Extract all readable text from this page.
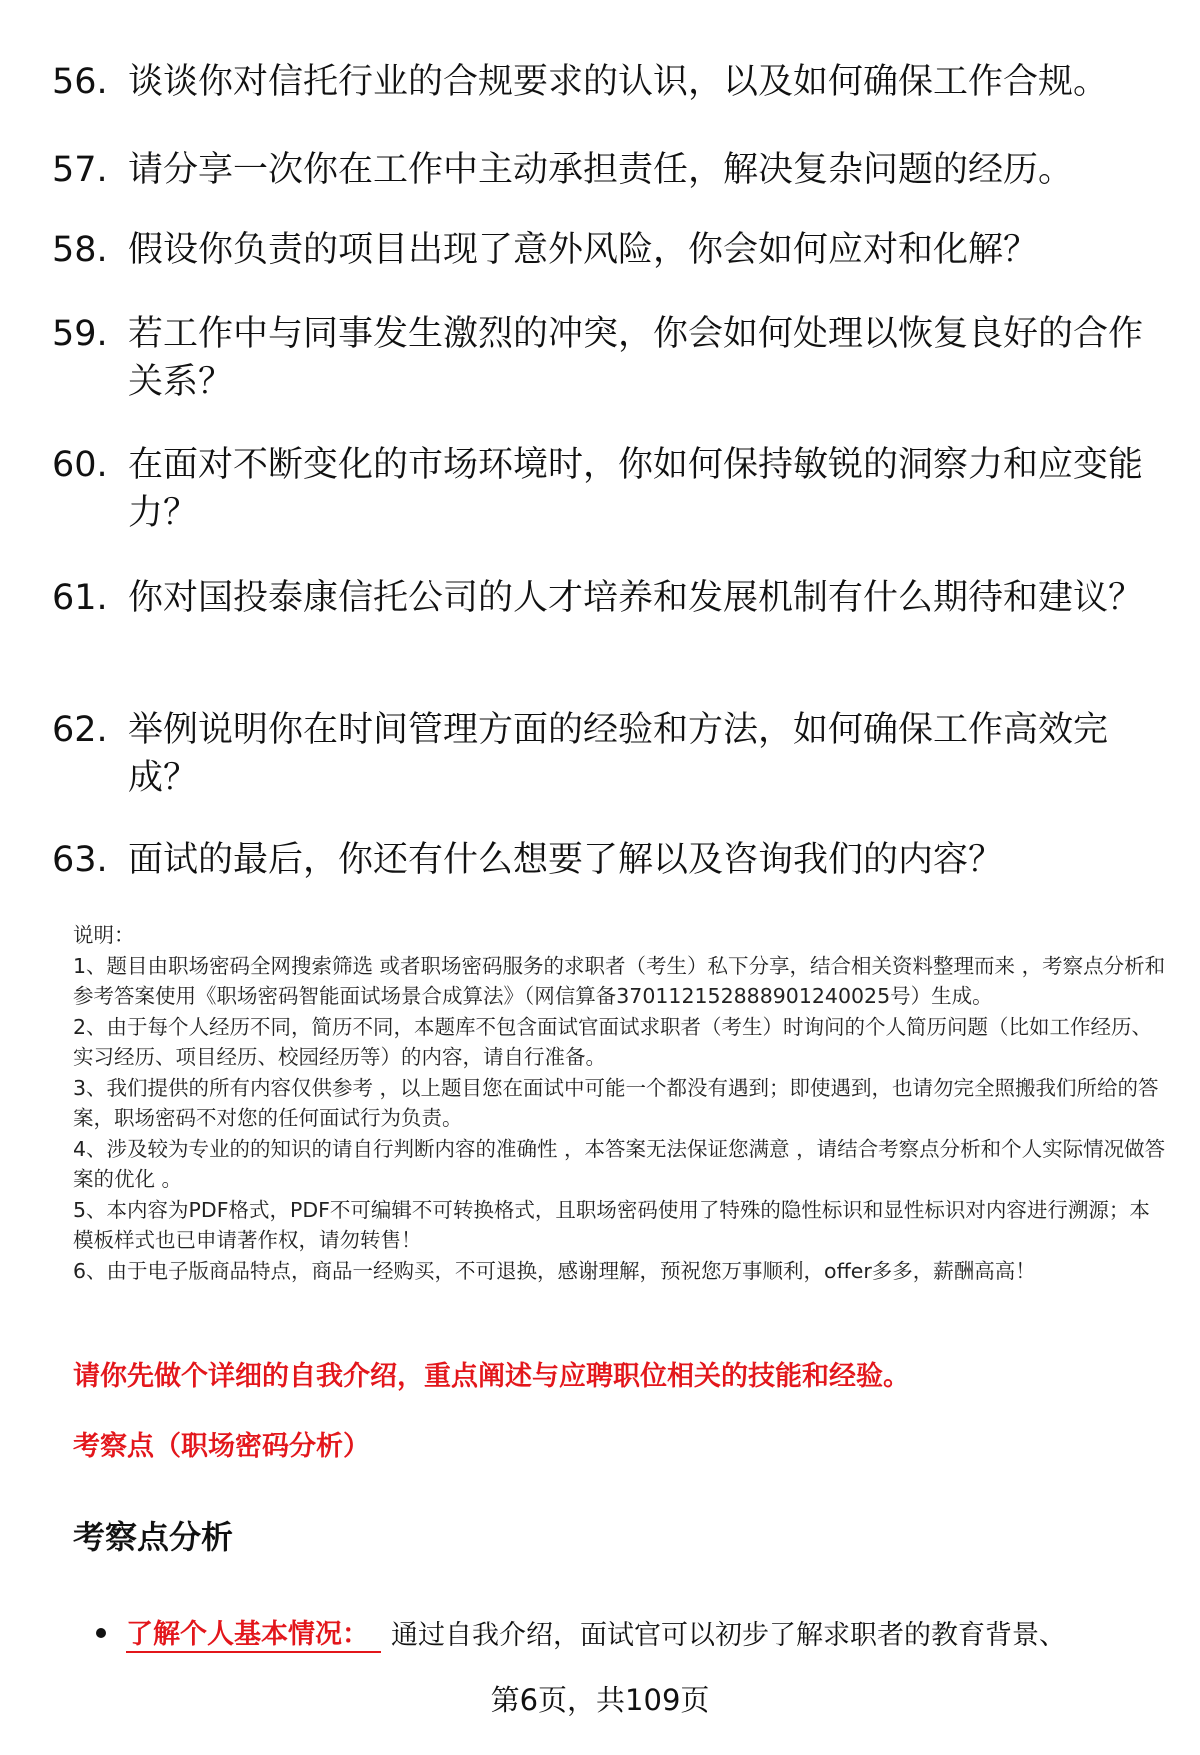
56. 谈谈你对信托行业的合规要求的认识，以及如何确保工作合规。
57. 请分享一次你在工作中主动承担责任，解决复杂问题的经历。
58. 假设你负责的项目出现了意外风险，你会如何应对和化解？
59. 若工作中与同事发生激烈的冲突，你会如何处理以恢复良好的合作关系？
60. 在面对不断变化的市场环境时，你如何保持敏锐的洞察力和应变能力？
61. 你对国投泰康信托公司的人才培养和发展机制有什么期待和建议？
62. 举例说明你在时间管理方面的经验和方法，如何确保工作高效完成？
63. 面试的最后，你还有什么想要了解以及咨询我们的内容？
说明：
1、题目由职场密码全网搜索筛选 或者职场密码服务的求职者（考生）私下分享，结合相关资料整理而来 ，考察点分析和参考答案使用《职场密码智能面试场景合成算法》（网信算备370112152888901240025号）生成。
2、由于每个人经历不同，简历不同，本题库不包含面试官面试求职者（考生）时询问的个人简历问题（比如工作经历、实习经历、项目经历、校园经历等）的内容，请自行准备。
3、我们提供的所有内容仅供参考 ，以上题目您在面试中可能一个都没有遇到；即使遇到，也请勿完全照搬我们所给的答案，职场密码不对您的任何面试行为负责。
4、涉及较为专业的的知识的请自行判断内容的准确性 ，本答案无法保证您满意 ，请结合考察点分析和个人实际情况做答案的优化 。
5、本内容为PDF格式，PDF不可编辑不可转换格式，且职场密码使用了特殊的隐性标识和显性标识对内容进行溯源；本模板样式也已申请著作权，请勿转售！
6、由于电子版商品特点，商品一经购买，不可退换，感谢理解，预祝您万事顺利，offer多多，薪酬高高！
请你先做个详细的自我介绍，重点阐述与应聘职位相关的技能和经验。
考察点（职场密码分析）
考察点分析
了解个人基本情况： 通过自我介绍，面试官可以初步了解求职者的教育背景、
第6页，共109页
